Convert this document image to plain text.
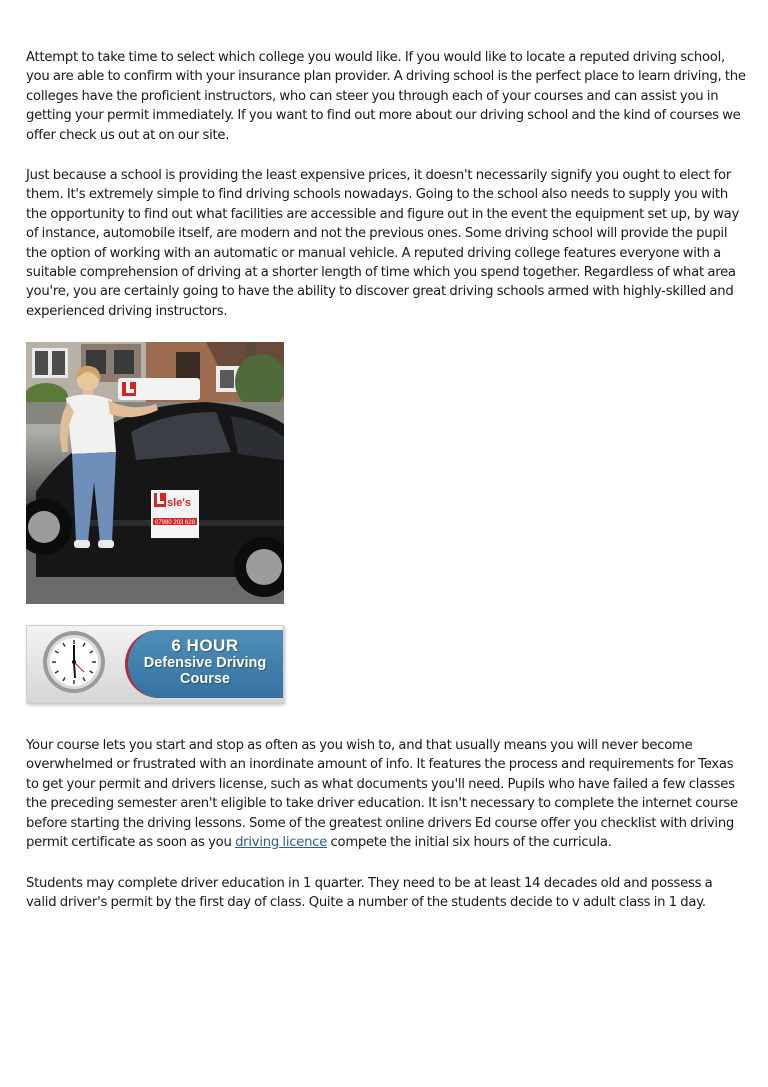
Attempt to take time to select which college you would like. If you would like to locate a reputed driving school, you are able to confirm with your insurance plan provider. A driving school is the perfect place to learn driving, the colleges have the proficient instructors, who can steer you through each of your courses and can assist you in getting your permit immediately. If you want to find out more about our driving school and the kind of courses we offer check us out at on our site.

Just because a school is providing the least expensive prices, it doesn't necessarily signify you ought to elect for them. It's extremely simple to find driving schools nowadays. Going to the school also needs to supply you with the opportunity to find out what facilities are accessible and figure out in the event the equipment set up, by way of instance, automobile itself, are modern and not the previous ones. Some driving school will provide the pupil the option of working with an automatic or manual vehicle. A reputed driving college features everyone with a suitable comprehension of driving at a shorter length of time which you spend together. Regardless of what area you're, you are certainly going to have the ability to discover great driving schools armed with highly-skilled and experienced driving instructors.

sle's
07980 203 628
6 HOUR
Defensive Driving
Course

Your course lets you start and stop as often as you wish to, and that usually means you will never become overwhelmed or frustrated with an inordinate amount of info. It features the process and requirements for Texas to get your permit and drivers license, such as what documents you'll need. Pupils who have failed a few classes the preceding semester aren't eligible to take driver education. It isn't necessary to complete the internet course before starting the driving lessons. Some of the greatest online drivers Ed course offer you checklist with driving permit certificate as soon as you driving licence compete the initial six hours of the curricula.

Students may complete driver education in 1 quarter. They need to be at least 14 decades old and possess a valid driver's permit by the first day of class. Quite a number of the students decide to v adult class in 1 day.
